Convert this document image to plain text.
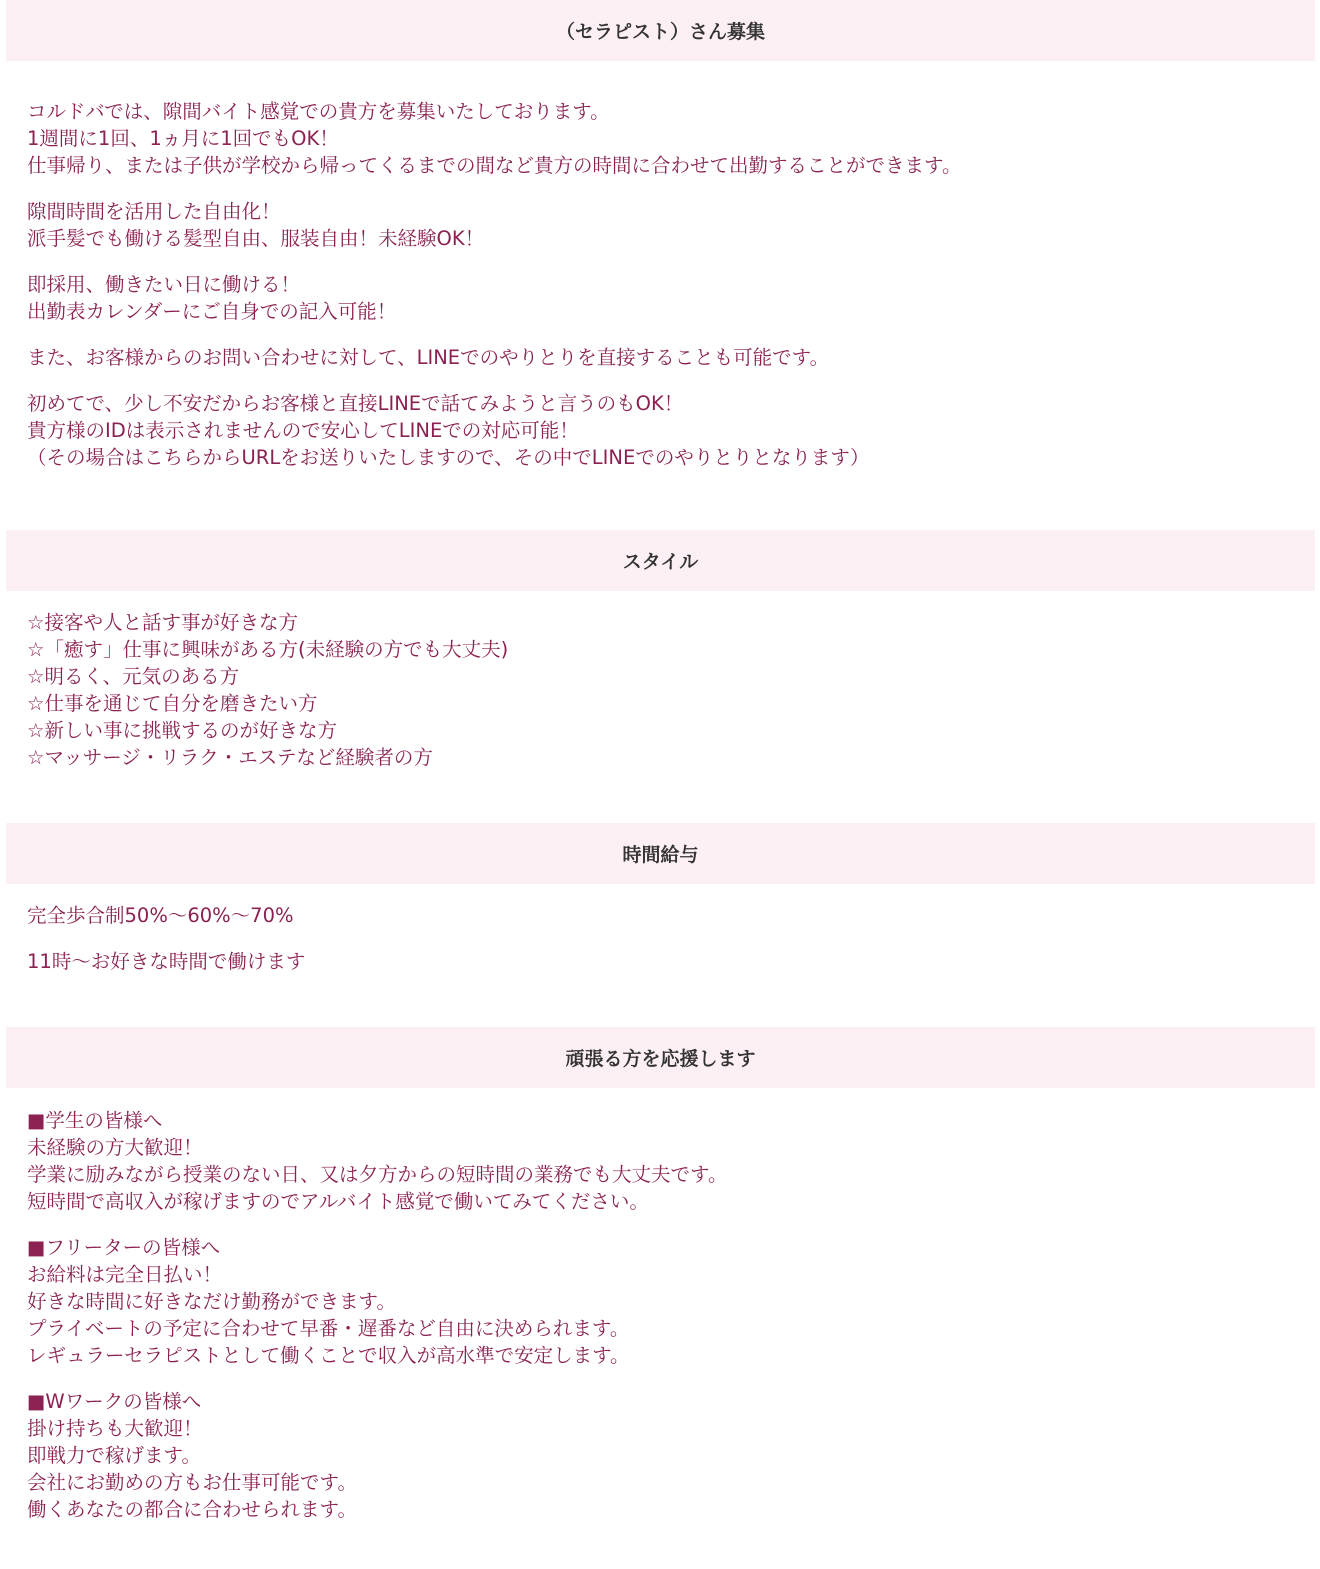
（セラピスト）さん募集
コルドバでは、隙間バイト感覚での貴方を募集いたしております。
1週間に1回、1ヵ月に1回でもOK！
仕事帰り、または子供が学校から帰ってくるまでの間など貴方の時間に合わせて出勤することができます。
隙間時間を活用した自由化！
派手髪でも働ける髪型自由、服装自由！未経験OK！
即採用、働きたい日に働ける！
出勤表カレンダーにご自身での記入可能！
また、お客様からのお問い合わせに対して、LINEでのやりとりを直接することも可能です。
初めてで、少し不安だからお客様と直接LINEで話てみようと言うのもOK！
貴方様のIDは表示されませんので安心してLINEでの対応可能！
（その場合はこちらからURLをお送りいたしますので、その中でLINEでのやりとりとなります）
スタイル
☆接客や人と話す事が好きな方
☆「癒す」仕事に興味がある方(未経験の方でも大丈夫)
☆明るく、元気のある方
☆仕事を通じて自分を磨きたい方
☆新しい事に挑戦するのが好きな方
☆マッサージ・リラク・エステなど経験者の方
時間給与
完全歩合制50%〜60%〜70%
11時〜お好きな時間で働けます
頑張る方を応援します
■学生の皆様へ
未経験の方大歓迎！
学業に励みながら授業のない日、又は夕方からの短時間の業務でも大丈夫です。
短時間で高収入が稼げますのでアルバイト感覚で働いてみてください。
■フリーターの皆様へ
お給料は完全日払い！
好きな時間に好きなだけ勤務ができます。
プライベートの予定に合わせて早番・遅番など自由に決められます。
レギュラーセラピストとして働くことで収入が高水準で安定します。
■Wワークの皆様へ
掛け持ちも大歓迎！
即戦力で稼げます。
会社にお勤めの方もお仕事可能です。
働くあなたの都合に合わせられます。
